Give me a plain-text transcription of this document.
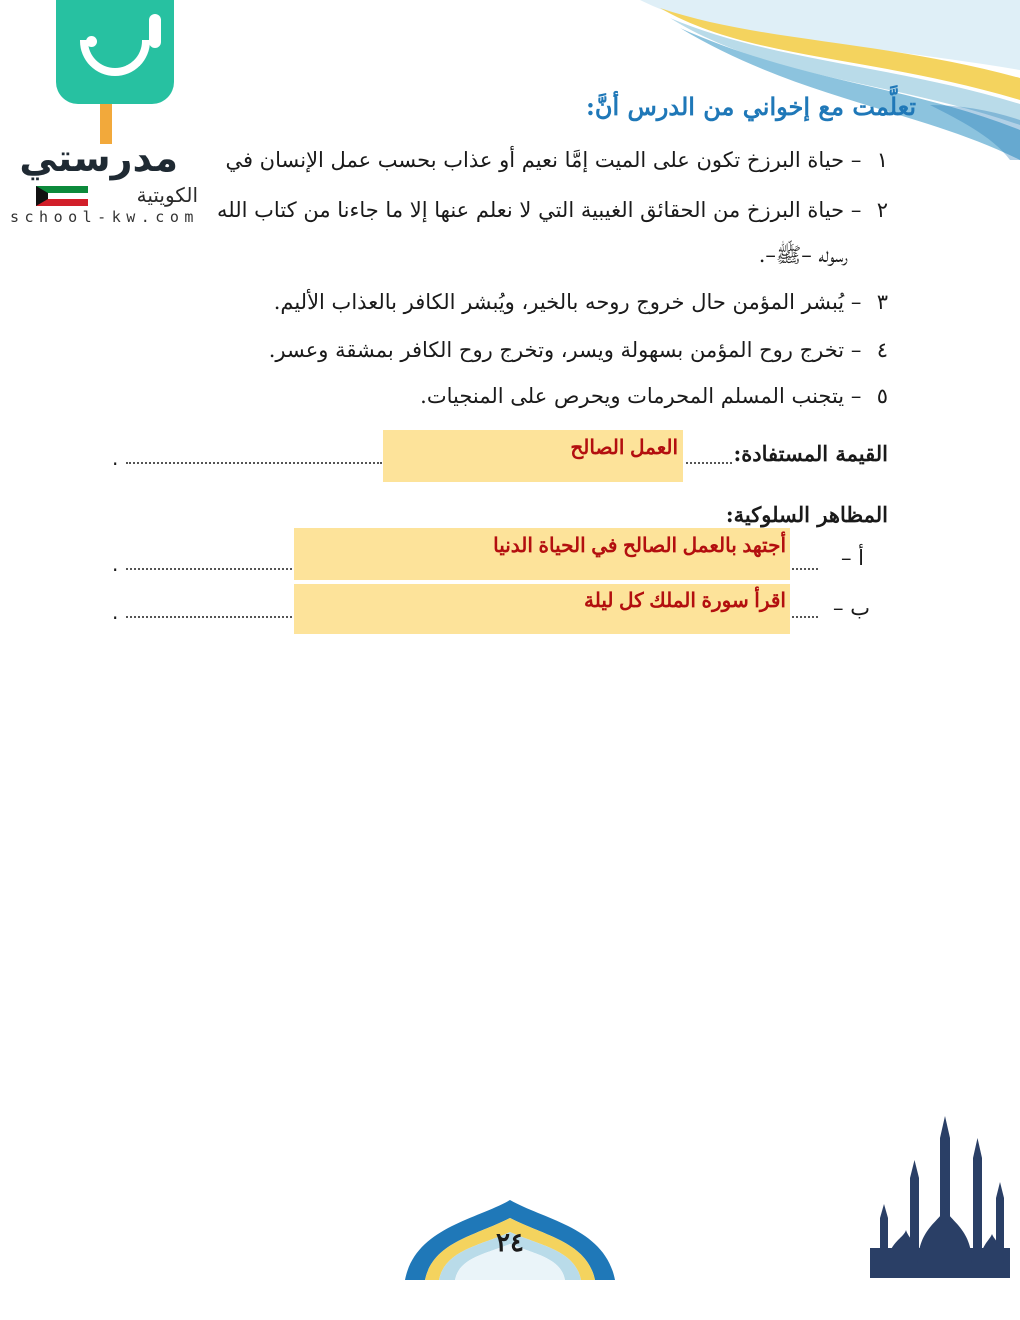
مدرستي
الكويتية
school-kw.com
تعلَّمت مع إخواني من الدرس أنَّ:
١ – حياة البرزخ تكون على الميت إمَّا نعيم أو عذاب بحسب عمل الإنسان في
٢ – حياة البرزخ من الحقائق الغيبية التي لا نعلم عنها إلا ما جاءنا من كتاب الله
رسوله –ﷺ–.
٣ – يُبشر المؤمن حال خروج روحه بالخير، ويُبشر الكافر بالعذاب الأليم.
٤ – تخرج روح المؤمن بسهولة ويسر، وتخرج روح الكافر بمشقة وعسر.
٥ – يتجنب المسلم المحرمات ويحرص على المنجيات.
القيمة المستفادة:
.	العمل الصالح
المظاهر السلوكية:
أ –
.
أجتهد بالعمل الصالح في الحياة الدنيا
ب –
.	اقرأ سورة الملك كل ليلة
٢٤
